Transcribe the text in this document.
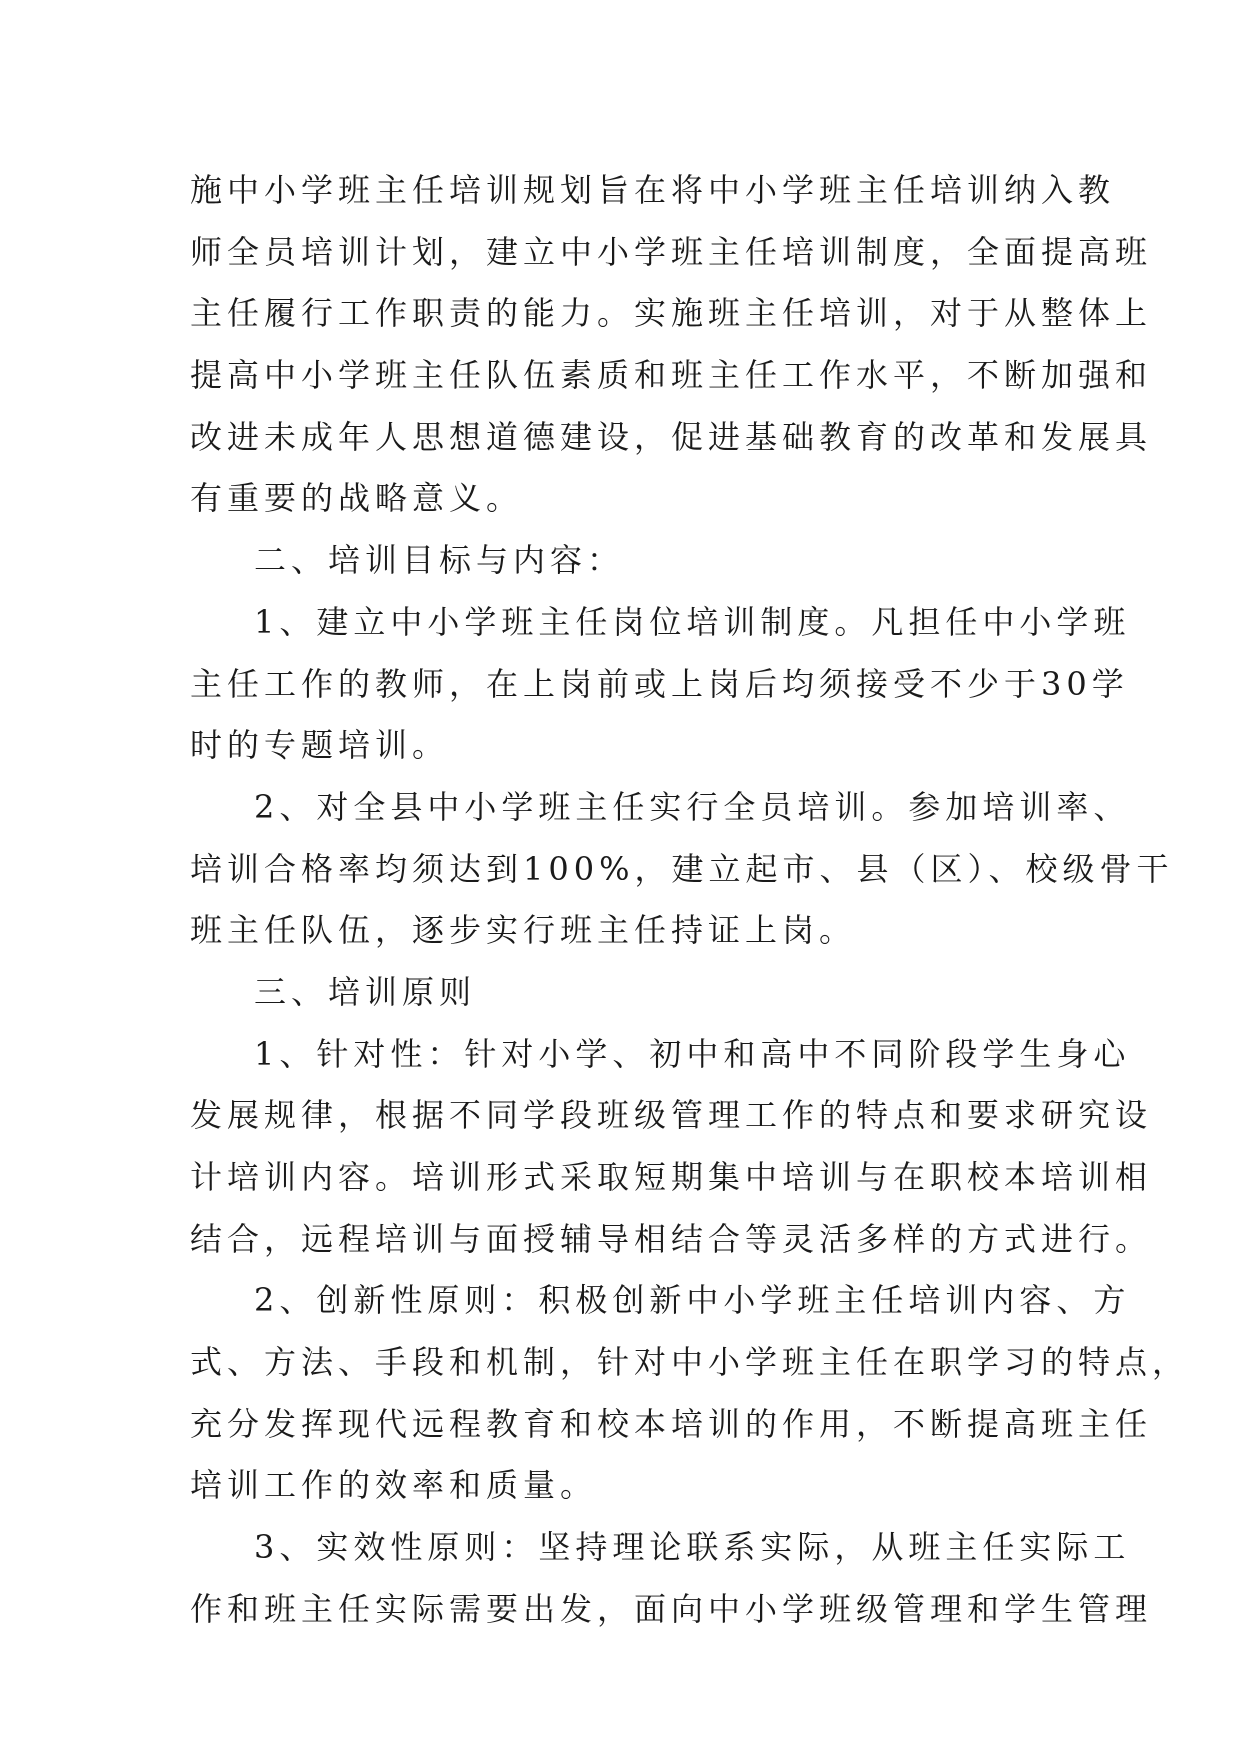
施中小学班主任培训规划旨在将中小学班主任培训纳入教
师全员培训计划，建立中小学班主任培训制度，全面提高班
主任履行工作职责的能力。实施班主任培训，对于从整体上
提高中小学班主任队伍素质和班主任工作水平，不断加强和
改进未成年人思想道德建设，促进基础教育的改革和发展具
有重要的战略意义。
二、培训目标与内容：
1、建立中小学班主任岗位培训制度。凡担任中小学班
主任工作的教师，在上岗前或上岗后均须接受不少于30学
时的专题培训。
2、对全县中小学班主任实行全员培训。参加培训率、
培训合格率均须达到100%，建立起市、县（区）、校级骨干
班主任队伍，逐步实行班主任持证上岗。
三、培训原则
1、针对性：针对小学、初中和高中不同阶段学生身心
发展规律，根据不同学段班级管理工作的特点和要求研究设
计培训内容。培训形式采取短期集中培训与在职校本培训相
结合，远程培训与面授辅导相结合等灵活多样的方式进行。
2、创新性原则：积极创新中小学班主任培训内容、方
式、方法、手段和机制，针对中小学班主任在职学习的特点，
充分发挥现代远程教育和校本培训的作用，不断提高班主任
培训工作的效率和质量。
3、实效性原则：坚持理论联系实际，从班主任实际工
作和班主任实际需要出发，面向中小学班级管理和学生管理
